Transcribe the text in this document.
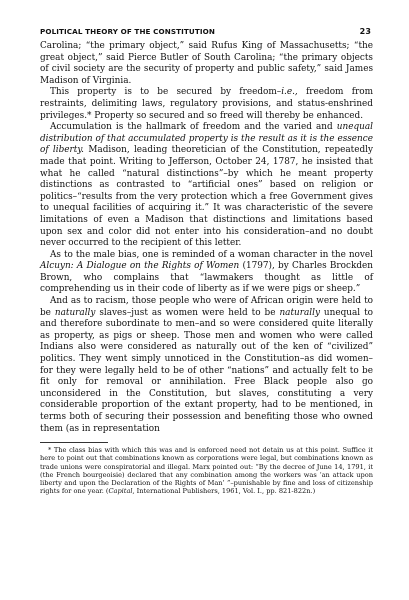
POLITICAL THEORY OF THE CONSTITUTION	23

Carolina; “the primary object,” said Rufus King of Massachusetts; “the great object,” said Pierce Butler of South Carolina; “the primary objects of civil society are the security of property and public safety,” said James Madison of Virginia.

This property is to be secured by freedom–i.e., freedom from restraints, delimiting laws, regulatory provisions, and status-enshrined privileges.* Property so secured and so freed will thereby be enhanced.

Accumulation is the hallmark of freedom and the varied and unequal distribution of that accumulated property is the result as it is the essence of liberty. Madison, leading theoretician of the Constitution, repeatedly made that point. Writing to Jefferson, October 24, 1787, he insisted that what he called “natural distinctions”–by which he meant property distinctions as contrasted to “artificial ones” based on religion or politics–“results from the very protection which a free Government gives to unequal facilities of acquiring it.” It was characteristic of the severe limitations of even a Madison that distinctions and limitations based upon sex and color did not enter into his consideration–and no doubt never occurred to the recipient of this letter.

As to the male bias, one is reminded of a woman character in the novel Alcuyn: A Dialogue on the Rights of Women (1797), by Charles Brockden Brown, who complains that “lawmakers thought as little of comprehending us in their code of liberty as if we were pigs or sheep.”

And as to racism, those people who were of African origin were held to be naturally slaves–just as women were held to be naturally unequal to and therefore subordinate to men–and so were considered quite literally as property, as pigs or sheep. Those men and women who were called Indians also were considered as naturally out of the ken of “civilized” politics. They went simply unnoticed in the Constitution–as did women–for they were legally held to be of other “nations” and actually felt to be fit only for removal or annihilation. Free Black people also go unconsidered in the Constitution, but slaves, constituting a very considerable proportion of the extant property, had to be mentioned, in terms both of securing their possession and benefiting those who owned them (as in representation

* The class bias with which this was and is enforced need not detain us at this point. Suffice it here to point out that combinations known as corporations were legal, but combinations known as trade unions were conspiratorial and illegal. Marx pointed out: “By the decree of June 14, 1791, it (the French bourgeoisie) declared that any combination among the workers was ‘an attack upon liberty and upon the Declaration of the Rights of Man’ ”–punishable by fine and loss of citizenship rights for one year. (Capital, International Publishers, 1961, Vol. I., pp. 821-822n.)
